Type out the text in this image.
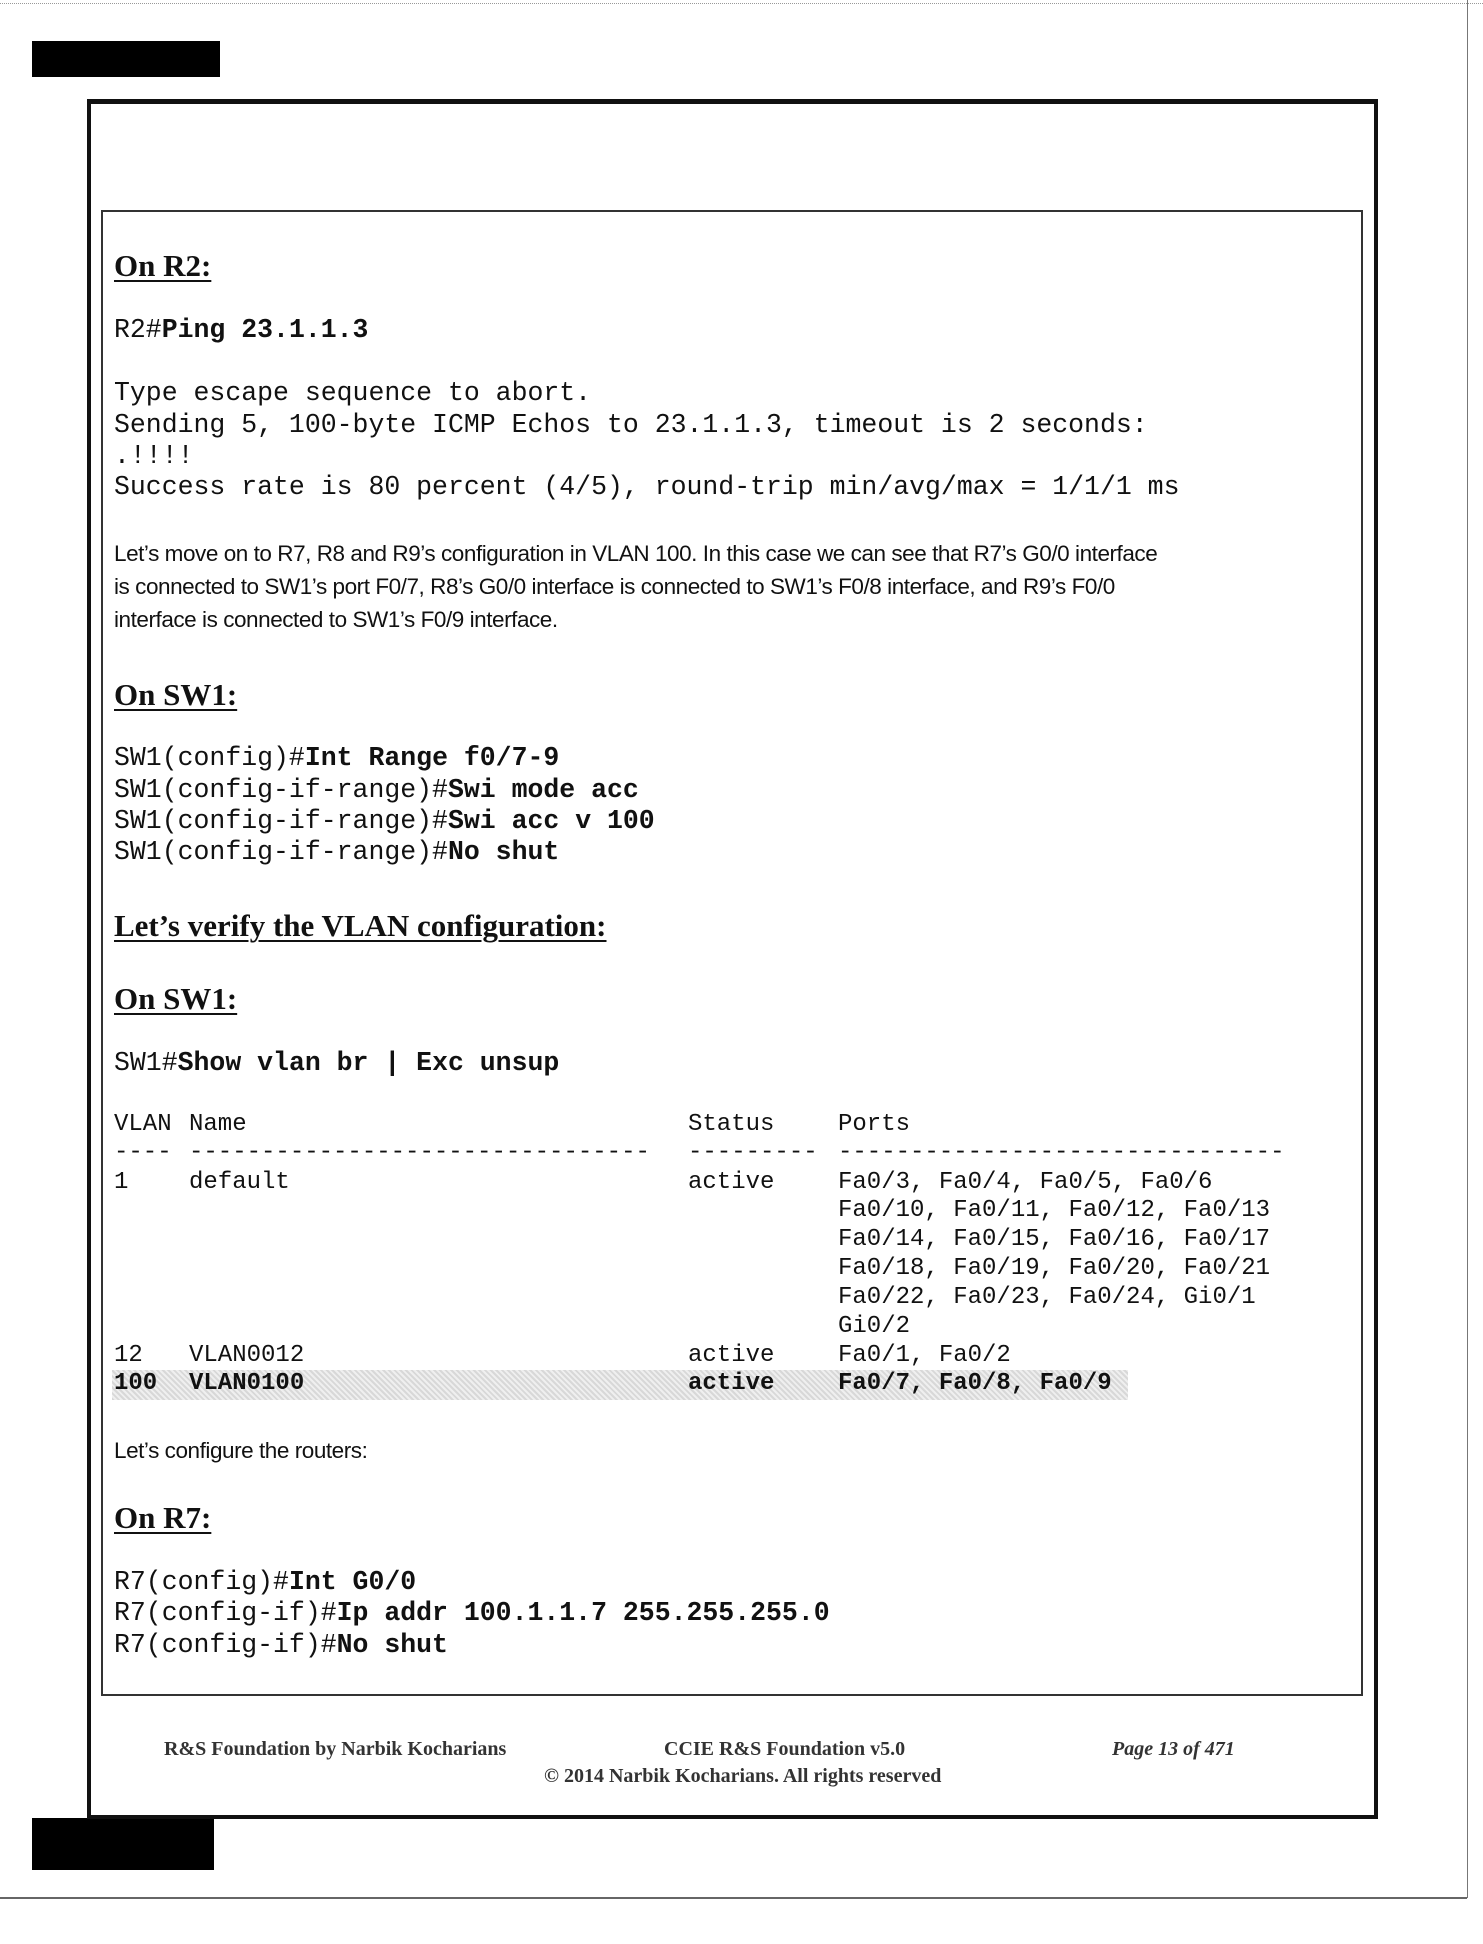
On R2:
R2#Ping 23.1.1.3
Type escape sequence to abort.
Sending 5, 100-byte ICMP Echos to 23.1.1.3, timeout is 2 seconds:
.!!!!
Success rate is 80 percent (4/5), round-trip min/avg/max = 1/1/1 ms
Let’s move on to R7, R8 and R9’s configuration in VLAN 100. In this case we can see that R7’s G0/0 interface
is connected to SW1’s port F0/7, R8’s G0/0 interface is connected to SW1’s F0/8 interface, and R9’s F0/0
interface is connected to SW1’s F0/9 interface.
On SW1:
SW1(config)#Int Range f0/7-9
SW1(config-if-range)#Swi mode acc
SW1(config-if-range)#Swi acc v 100
SW1(config-if-range)#No shut
Let’s verify the VLAN configuration:
On SW1:
SW1#Show vlan br | Exc unsup
VLAN Name	Status	Ports
---- -------------------------------- --------- -------------------------------
1	default	active	Fa0/3, Fa0/4, Fa0/5, Fa0/6
Fa0/10, Fa0/11, Fa0/12, Fa0/13
Fa0/14, Fa0/15, Fa0/16, Fa0/17
Fa0/18, Fa0/19, Fa0/20, Fa0/21
Fa0/22, Fa0/23, Fa0/24, Gi0/1
Gi0/2
12 VLAN0012	active	Fa0/1, Fa0/2
100 VLAN0100	active	Fa0/7, Fa0/8, Fa0/9
Let’s configure the routers:
On R7:
R7(config)#Int G0/0
R7(config-if)#Ip addr 100.1.1.7 255.255.255.0
R7(config-if)#No shut
R&S Foundation by Narbik Kocharians	CCIE R&S Foundation v5.0	Page 13 of 471
© 2014 Narbik Kocharians. All rights reserved
